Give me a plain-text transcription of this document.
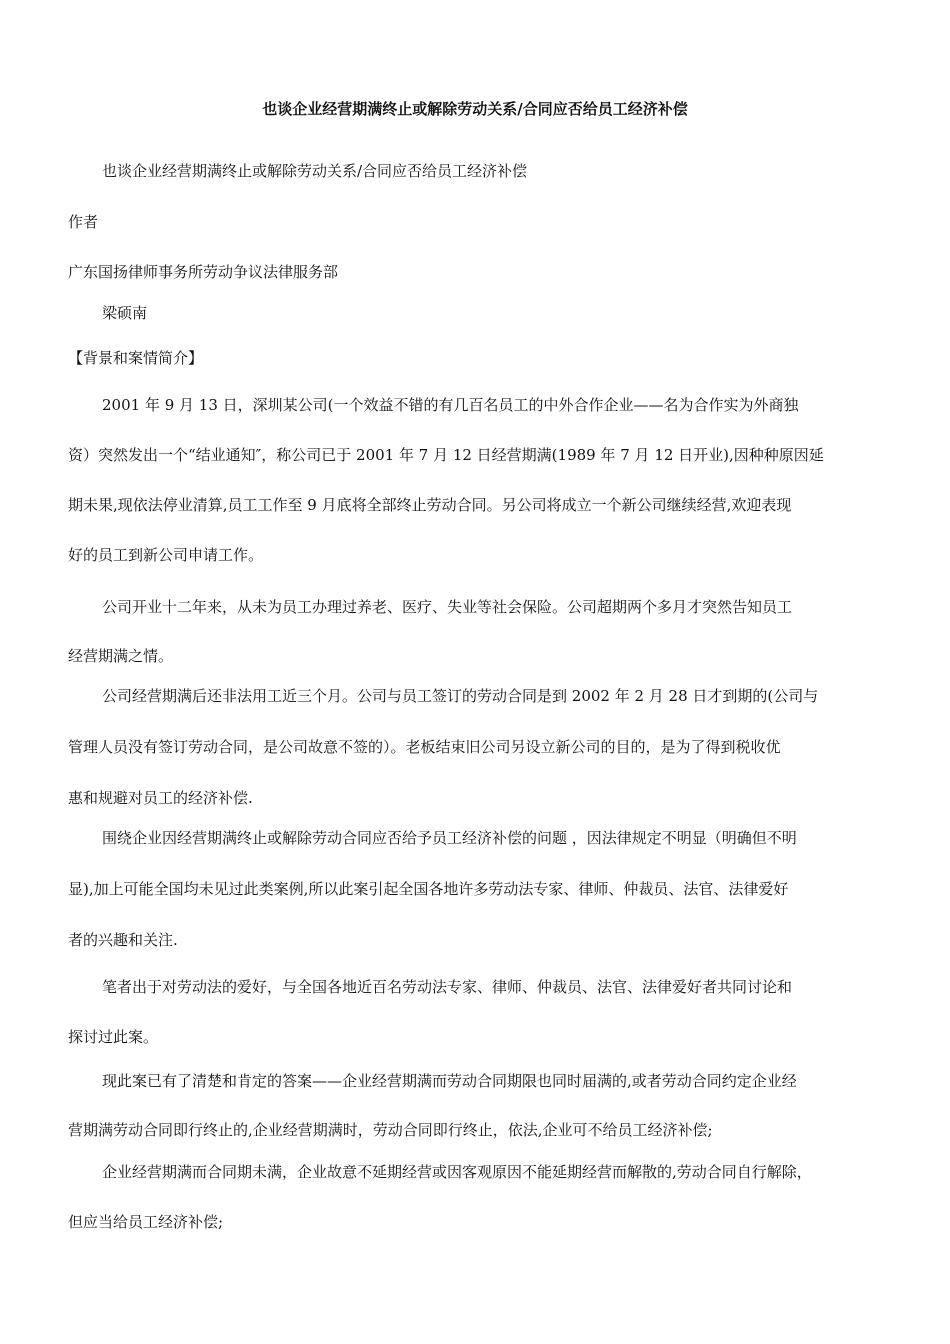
也谈企业经营期满终止或解除劳动关系/合同应否给员工经济补偿
也谈企业经营期满终止或解除劳动关系/合同应否给员工经济补偿
作者
广东国扬律师事务所劳动争议法律服务部
梁硕南
【背景和案情简介】
2001 年 9 月 13 日，深圳某公司(一个效益不错的有几百名员工的中外合作企业——名为合作实为外商独
资）突然发出一个“结业通知″，称公司已于 2001 年 7 月 12 日经营期满(1989 年 7 月 12 日开业),因种种原因延
期未果,现依法停业清算,员工工作至 9 月底将全部终止劳动合同。另公司将成立一个新公司继续经营,欢迎表现
好的员工到新公司申请工作。
公司开业十二年来，从未为员工办理过养老、医疗、失业等社会保险。公司超期两个多月才突然告知员工
经营期满之情。
公司经营期满后还非法用工近三个月。公司与员工签订的劳动合同是到 2002 年 2 月 28 日才到期的(公司与
管理人员没有签订劳动合同，是公司故意不签的）。老板结束旧公司另设立新公司的目的，是为了得到税收优
惠和规避对员工的经济补偿.
围绕企业因经营期满终止或解除劳动合同应否给予员工经济补偿的问题 ，因法律规定不明显（明确但不明
显),加上可能全国均未见过此类案例,所以此案引起全国各地许多劳动法专家、律师、仲裁员、法官、法律爱好
者的兴趣和关注.
笔者出于对劳动法的爱好，与全国各地近百名劳动法专家、律师、仲裁员、法官、法律爱好者共同讨论和
探讨过此案。
现此案已有了清楚和肯定的答案——企业经营期满而劳动合同期限也同时届满的,或者劳动合同约定企业经
营期满劳动合同即行终止的,企业经营期满时，劳动合同即行终止，依法,企业可不给员工经济补偿;
企业经营期满而合同期未满，企业故意不延期经营或因客观原因不能延期经营而解散的,劳动合同自行解除，
但应当给员工经济补偿;
